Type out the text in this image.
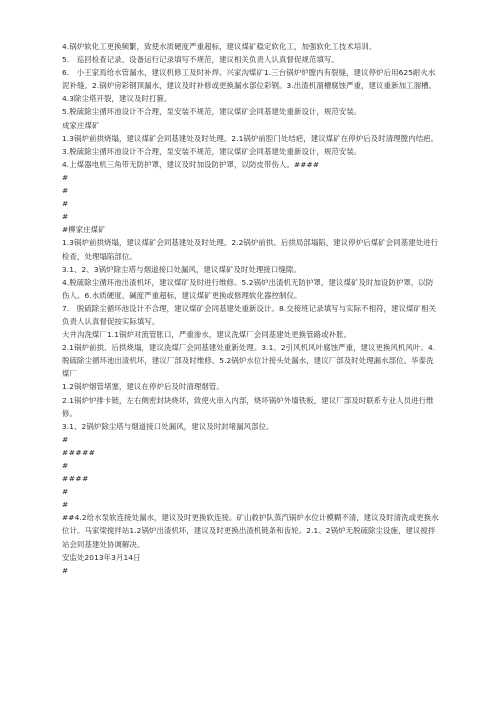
4.锅炉软化工更换频繁，致使水质硬度严重超标，建议煤矿稳定软化工，加强软化工技术培训。
5.　巡回检查记录、设备运行记录填写不规范，建议相关负责人认真督促规范填写。
6.　小王家焉给水管漏水，建议机修工及时补焊。兴家沟煤矿1.三台锅炉炉膛内有裂缝，建议停炉后用625耐火水泥补缝。2.锅炉房彩钢顶漏水，建议及时补修或更换漏水部位彩钢。3.出渣机溜槽腐蚀严重，建议重新加工溜槽。4.3除尘塔开裂，建议及时打箍。
5.脱硫除尘循环池设计不合理，泵安装不规范，建议煤矿会同基建处重新设计，规范安装。
成家庄煤矿
1.3锅炉前拱烧塌，建议煤矿会同基建处及时处理。2.1锅炉前腔门处结疤，建议煤矿在停炉后及时清理膛内结疤。3.脱硫除尘循环池设计不合理，泵安装不规范，建议煤矿会同基建处重新设计，规范安装。
4.上煤器电机三角带无防护罩，建议及时加设防护罩，以防皮带伤人。####
#
#
#
#
#柳家庄煤矿
1.3锅炉前拱烧塌，建议煤矿会同基建处及时处理。2.2锅炉前拱、后拱局部塌陷，建议停炉后煤矿会同基建处进行检查，处理塌陷部位。
3.1、2、3锅炉除尘塔与烟道接口处漏风，建议煤矿及时处理接口缝隙。
4.脱硫除尘循环池出渣机坏，建议煤矿及时进行维修。5.2锅炉出渣机无防护罩，建议煤矿及时加设防护罩，以防伤人。6.水质硬度、碱度严重超标，建议煤矿更换或修理软化器控制仪。
7.　脱硫除尘循环池设计不合理，建议煤矿会同基建处重新设计。8.交接班记录填写与实际不相符，建议煤矿相关负责人认真督促按实际填写。
大井沟洗煤厂1.1锅炉对流管胀口，严重渗水，建议洗煤厂会同基建处更换管路或补胀。
2.1锅炉前拱、后拱烧塌，建议洗煤厂会同基建处重新处理。3.1、2引风机风叶腐蚀严重，建议更换风机风叶。4.脱硫除尘循环池出渣机坏，建议厂部及时维修。5.2锅炉水位计接头处漏水，建议厂部及时处理漏水部位。华泰洗煤厂
1.2锅炉烟管堵塞，建议在停炉后及时清理烟管。
2.1锅炉炉排卡链，左右侧密封块烧坏，致使火串入内部，烧坏锅炉外墙铁板，建议厂部及时联系专业人员进行维修。
3.1、2锅炉除尘塔与烟道接口处漏风，建议及时封堵漏风部位。
#
#####
#
####
#
#
##4.2给水泵软连接处漏水，建议及时更换软连接。矿山救护队蒸汽锅炉水位计模糊不清，建议及时清洗或更换水位计。马家梁搅拌站1.2锅炉出渣机坏，建议及时更换出渣机链条和齿轮。2.1、2锅炉无脱硫除尘设施，建议搅拌站会同基建处协调解决。
安监处2013年3月14日
#
